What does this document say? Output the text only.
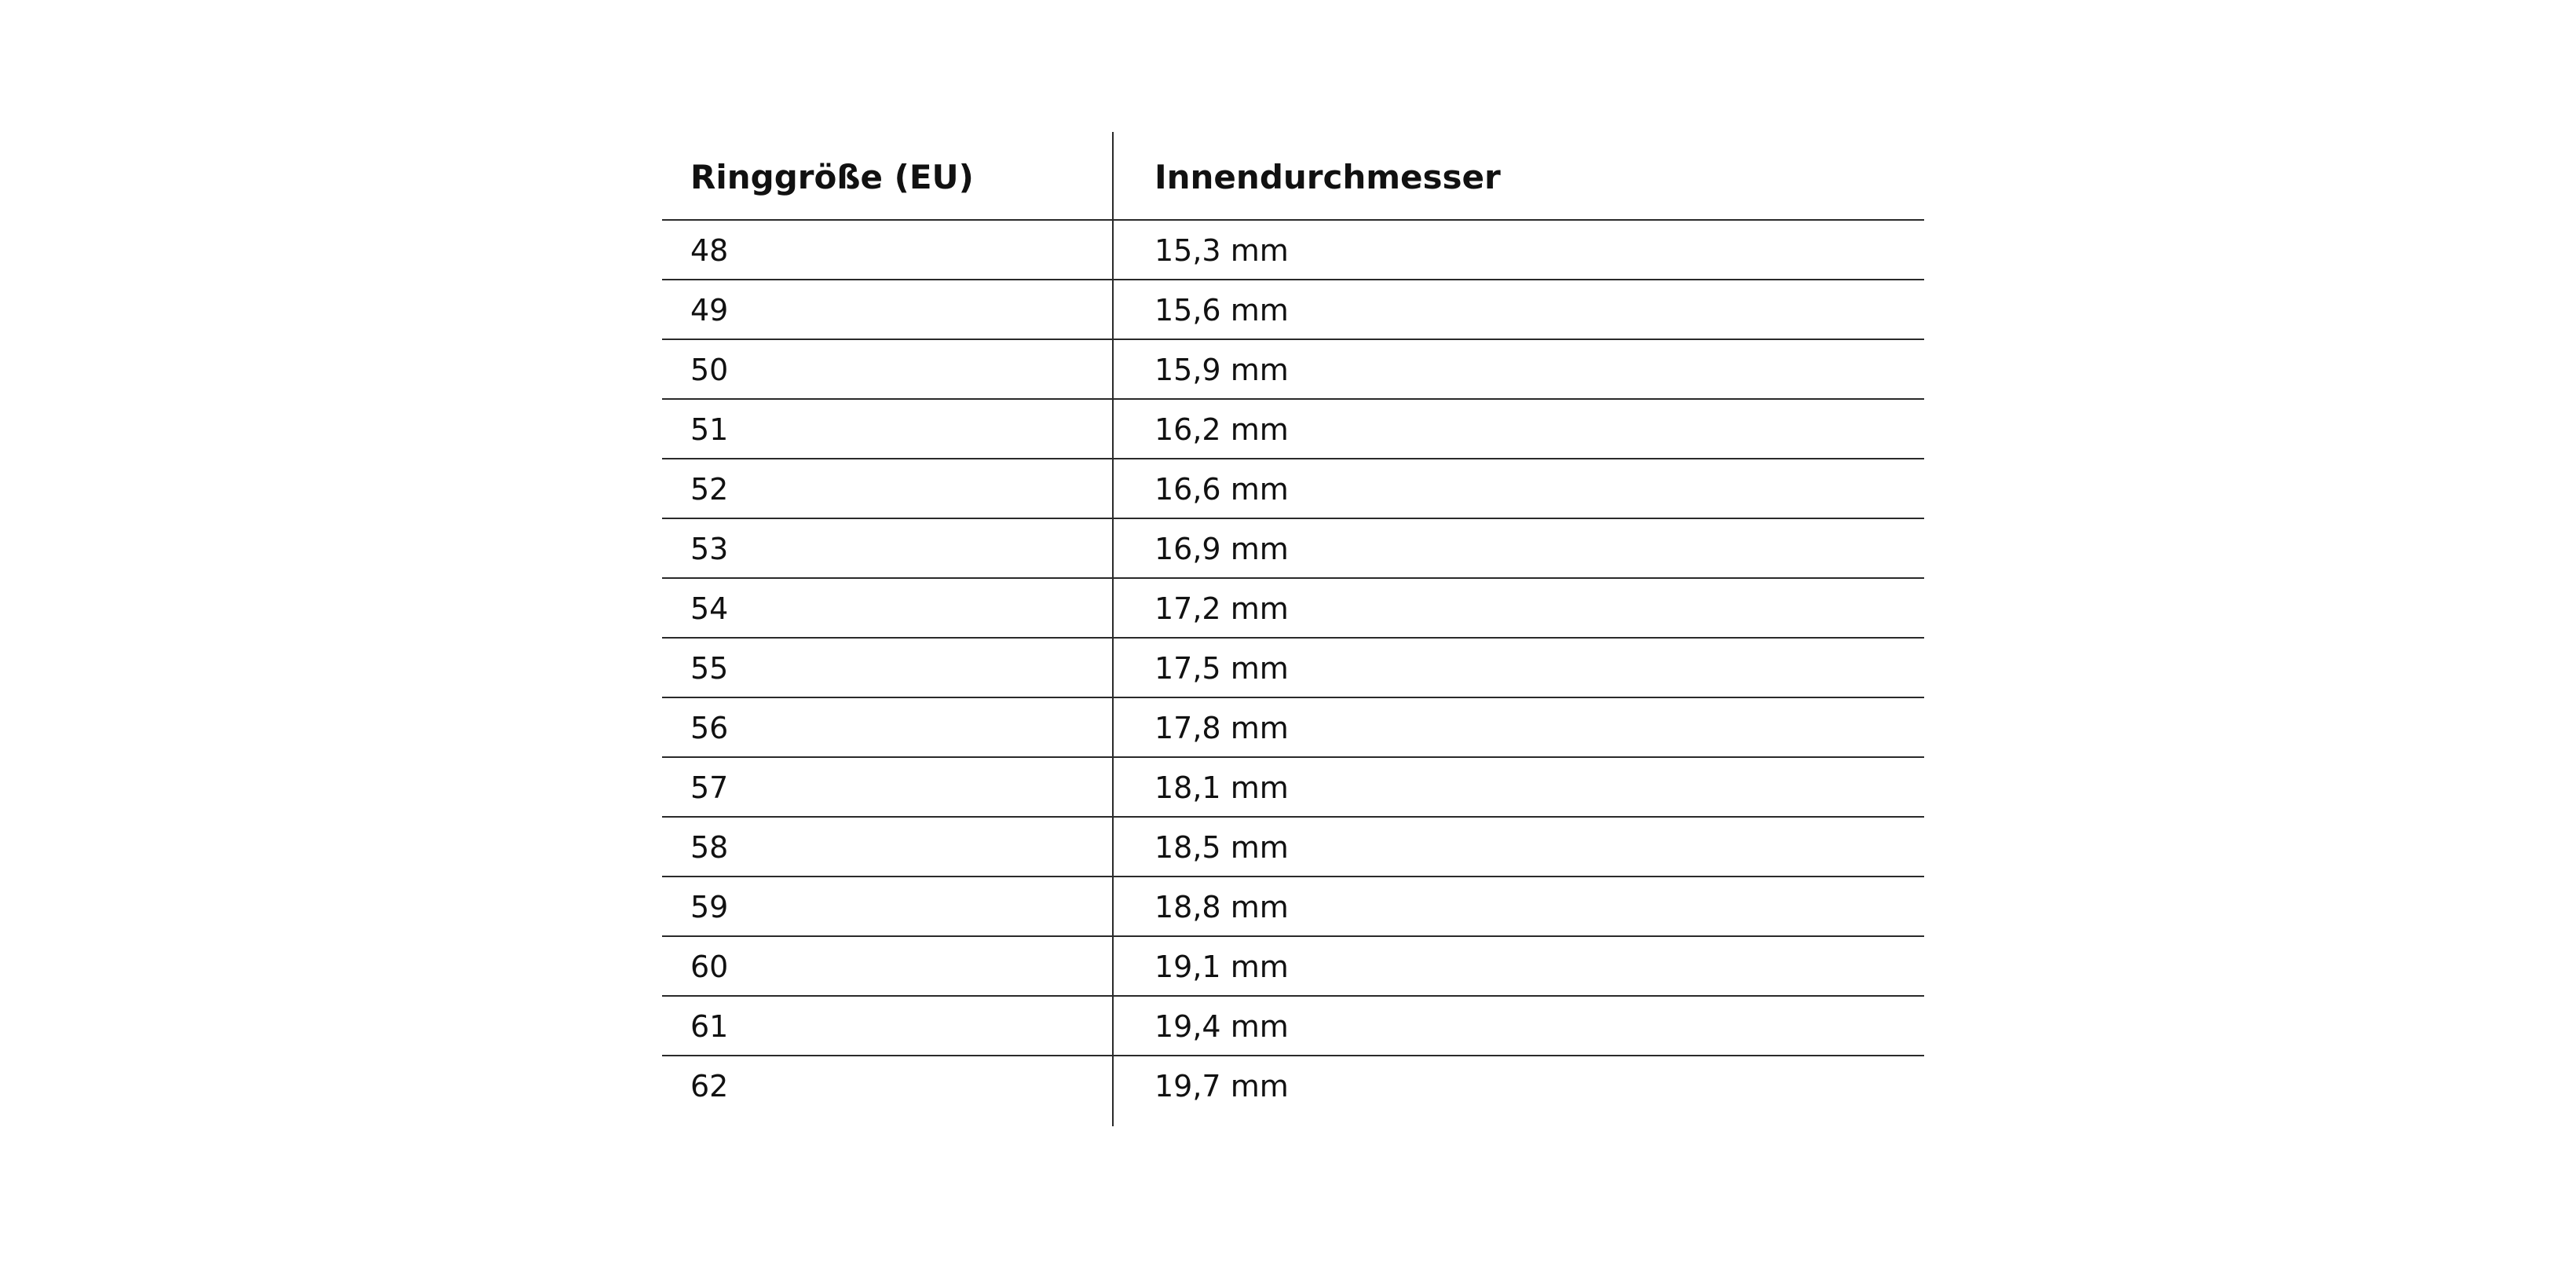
Ringgröße (EU)	Innendurchmesser
48	15,3 mm
49	15,6 mm
50	15,9 mm
51	16,2 mm
52	16,6 mm
53	16,9 mm
54	17,2 mm
55	17,5 mm
56	17,8 mm
57	18,1 mm
58	18,5 mm
59	18,8 mm
60	19,1 mm
61	19,4 mm
62	19,7 mm
